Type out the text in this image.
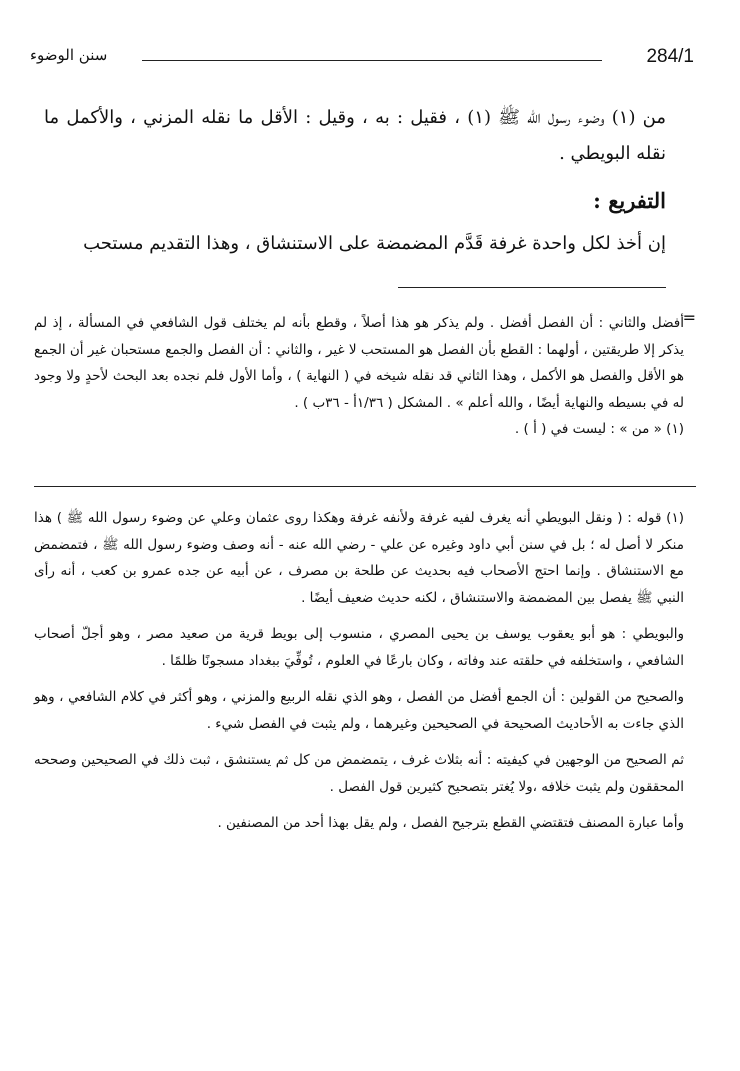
284/1
سنن الوضوء

من (١) وضوء رسول الله ﷺ (١) ، فقيل : به ، وقيل : الأقل ما نقله المزني ، والأكمل ما نقله البويطي .

التفريع :

إن أخذ لكل واحدة غرفة قَدَّم المضمضة على الاستنشاق ، وهذا التقديم مستحب

=

أفضل والثاني : أن الفصل أفضل . ولم يذكر هو هذا أصلاً ، وقطع بأنه لم يختلف قول الشافعي في المسألة ، إذ لم يذكر إلا طريقتين ، أولهما : القطع بأن الفصل هو المستحب لا غير ، والثاني : أن الفصل والجمع مستحبان غير أن الجمع هو الأقل والفصل هو الأكمل ، وهذا الثاني قد نقله شيخه في ( النهاية ) ، وأما الأول فلم نجده بعد البحث لأحدٍ ولا وجود له في بسيطه والنهاية أيضًا ، والله أعلم » . المشكل ( ١/٣٦أ - ٣٦ب ) .

(١) « من » : ليست في ( أ ) .

(١) قوله : ( ونقل البويطي أنه يغرف لفيه غرفة ولأنفه غرفة وهكذا روى عثمان وعلي عن وضوء رسول الله ﷺ ) هذا منكر لا أصل له ؛ بل في سنن أبي داود وغيره عن علي - رضي الله عنه - أنه وصف وضوء رسول الله ﷺ ، فتمضمض مع الاستنشاق . وإنما احتج الأصحاب فيه بحديث عن طلحة بن مصرف ، عن أبيه عن جده عمرو بن كعب ، أنه رأى النبي ﷺ يفصل بين المضمضة والاستنشاق ، لكنه حديث ضعيف أيضًا .

والبويطي : هو أبو يعقوب يوسف بن يحيى المصري ، منسوب إلى بويط قرية من صعيد مصر ، وهو أجلّ أصحاب الشافعي ، واستخلفه في حلقته عند وفاته ، وكان بارعًا في العلوم ، تُوفِّيَ ببغداد مسجونًا ظلمًا .

والصحيح من القولين : أن الجمع أفضل من الفصل ، وهو الذي نقله الربيع والمزني ، وهو أكثر في كلام الشافعي ، وهو الذي جاءت به الأحاديث الصحيحة في الصحيحين وغيرهما ، ولم يثبت في الفصل شيء .

ثم الصحيح من الوجهين في كيفيته : أنه بثلاث غرف ، يتمضمض من كل ثم يستنشق ، ثبت ذلك في الصحيحين وصححه المحققون ولم يثبت خلافه ،ولا يُغتر بتصحيح كثيرين قول الفصل .

وأما عبارة المصنف فتقتضي القطع بترجيح الفصل ، ولم يقل بهذا أحد من المصنفين .
